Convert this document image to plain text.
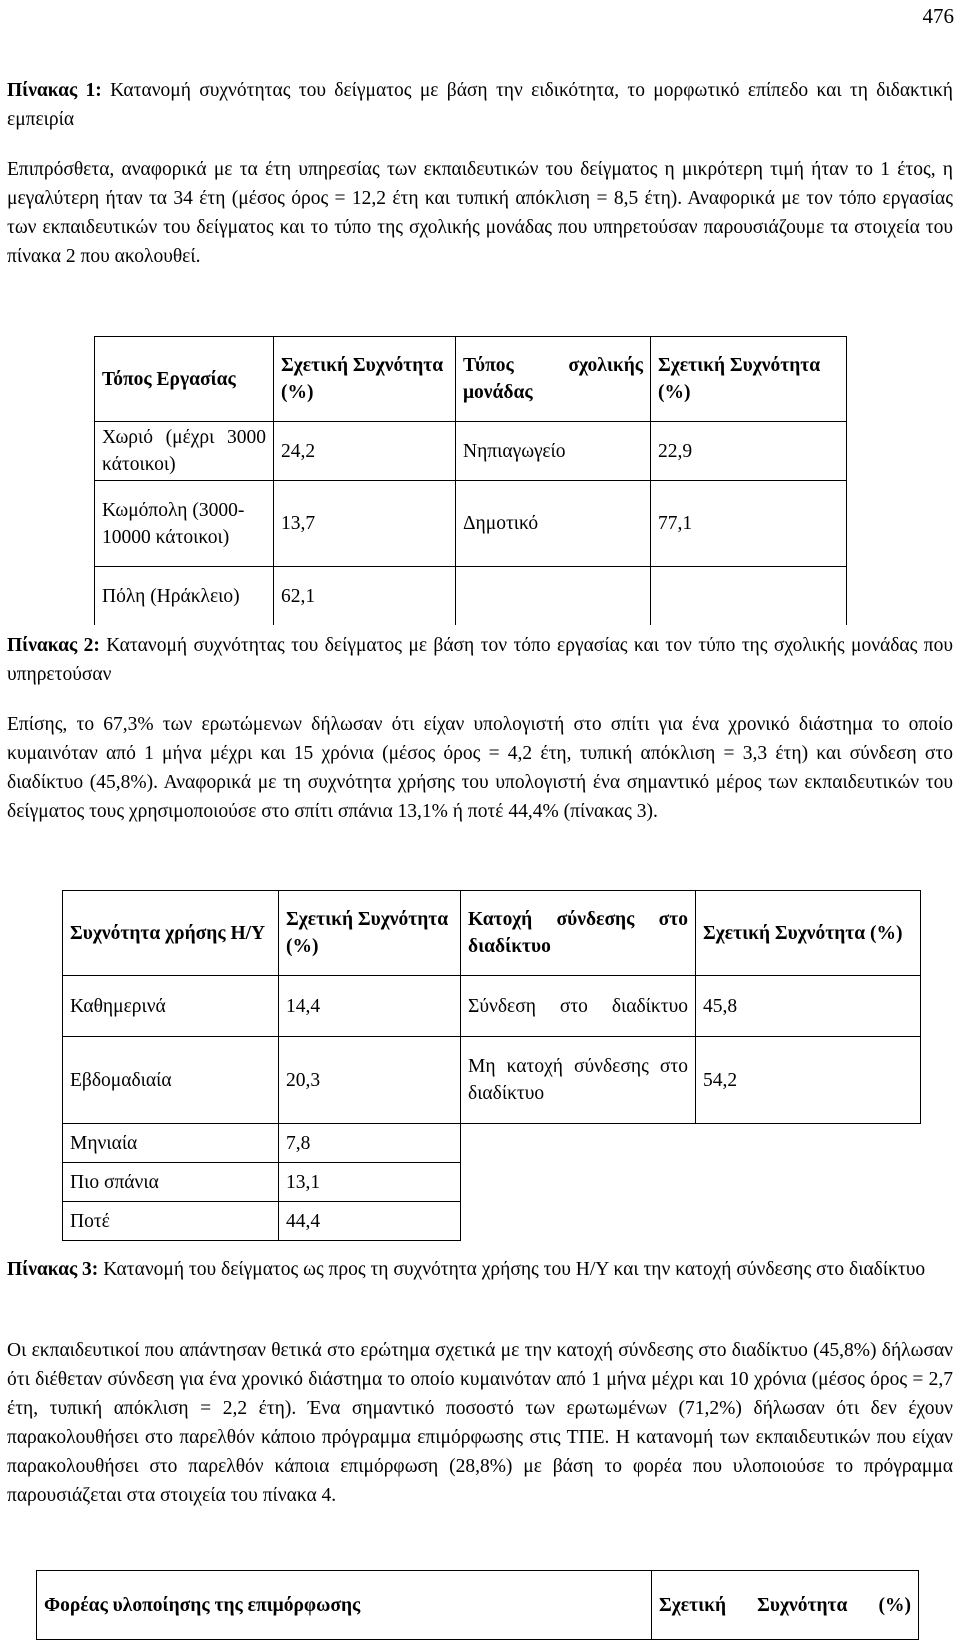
476

Πίνακας 1: Κατανομή συχνότητας του δείγματος με βάση την ειδικότητα, το μορφωτικό επίπεδο και τη διδακτική εμπειρία

Επιπρόσθετα, αναφορικά με τα έτη υπηρεσίας των εκπαιδευτικών του δείγματος η μικρότερη τιμή ήταν το 1 έτος, η μεγαλύτερη ήταν τα 34 έτη (μέσος όρος = 12,2 έτη και τυπική απόκλιση = 8,5 έτη). Αναφορικά με τον τόπο εργασίας των εκπαιδευτικών του δείγματος και το τύπο της σχολικής μονάδας που υπηρετούσαν παρουσιάζουμε τα στοιχεία του πίνακα 2 που ακολουθεί.

Τόπος Εργασίας	Σχετική Συχνότητα (%)	Τύπος σχολικής μονάδας	Σχετική Συχνότητα (%)
Χωριό (μέχρι 3000 κάτοικοι)	24,2	Νηπιαγωγείο	22,9
Κωμόπολη (3000-10000 κάτοικοι)	13,7	Δημοτικό	77,1
Πόλη (Ηράκλειο)	62,1		

Πίνακας 2: Κατανομή συχνότητας του δείγματος με βάση τον τόπο εργασίας και τον τύπο της σχολικής μονάδας που υπηρετούσαν

Επίσης, το 67,3% των ερωτώμενων δήλωσαν ότι είχαν υπολογιστή στο σπίτι για ένα χρονικό διάστημα το οποίο κυμαινόταν από 1 μήνα μέχρι και 15 χρόνια (μέσος όρος = 4,2 έτη, τυπική απόκλιση = 3,3 έτη) και σύνδεση στο διαδίκτυο (45,8%). Αναφορικά με τη συχνότητα χρήσης του υπολογιστή ένα σημαντικό μέρος των εκπαιδευτικών του δείγματος τους χρησιμοποιούσε στο σπίτι σπάνια 13,1% ή ποτέ 44,4% (πίνακας 3).

Συχνότητα χρήσης Η/Υ	Σχετική Συχνότητα (%)	Κατοχή σύνδεσης στο διαδίκτυο	Σχετική Συχνότητα (%)
Καθημερινά	14,4	Σύνδεση στο διαδίκτυο	45,8
Εβδομαδιαία	20,3	Μη κατοχή σύνδεσης στο διαδίκτυο	54,2
Μηνιαία	7,8		
Πιο σπάνια	13,1		
Ποτέ	44,4		

Πίνακας 3: Κατανομή του δείγματος ως προς τη συχνότητα χρήσης του Η/Υ και την κατοχή σύνδεσης στο διαδίκτυο

Οι εκπαιδευτικοί που απάντησαν θετικά στο ερώτημα σχετικά με την κατοχή σύνδεσης στο διαδίκτυο (45,8%) δήλωσαν ότι διέθεταν σύνδεση για ένα χρονικό διάστημα το οποίο κυμαινόταν από 1 μήνα μέχρι και 10 χρόνια (μέσος όρος = 2,7 έτη, τυπική απόκλιση = 2,2 έτη). Ένα σημαντικό ποσοστό των ερωτωμένων (71,2%) δήλωσαν ότι δεν έχουν παρακολουθήσει στο παρελθόν κάποιο πρόγραμμα επιμόρφωσης στις ΤΠΕ. Η κατανομή των εκπαιδευτικών που είχαν παρακολουθήσει στο παρελθόν κάποια επιμόρφωση (28,8%) με βάση το φορέα που υλοποιούσε το πρόγραμμα παρουσιάζεται στα στοιχεία του πίνακα 4.

Φορέας υλοποίησης της επιμόρφωσης	Σχετική Συχνότητα (%)
